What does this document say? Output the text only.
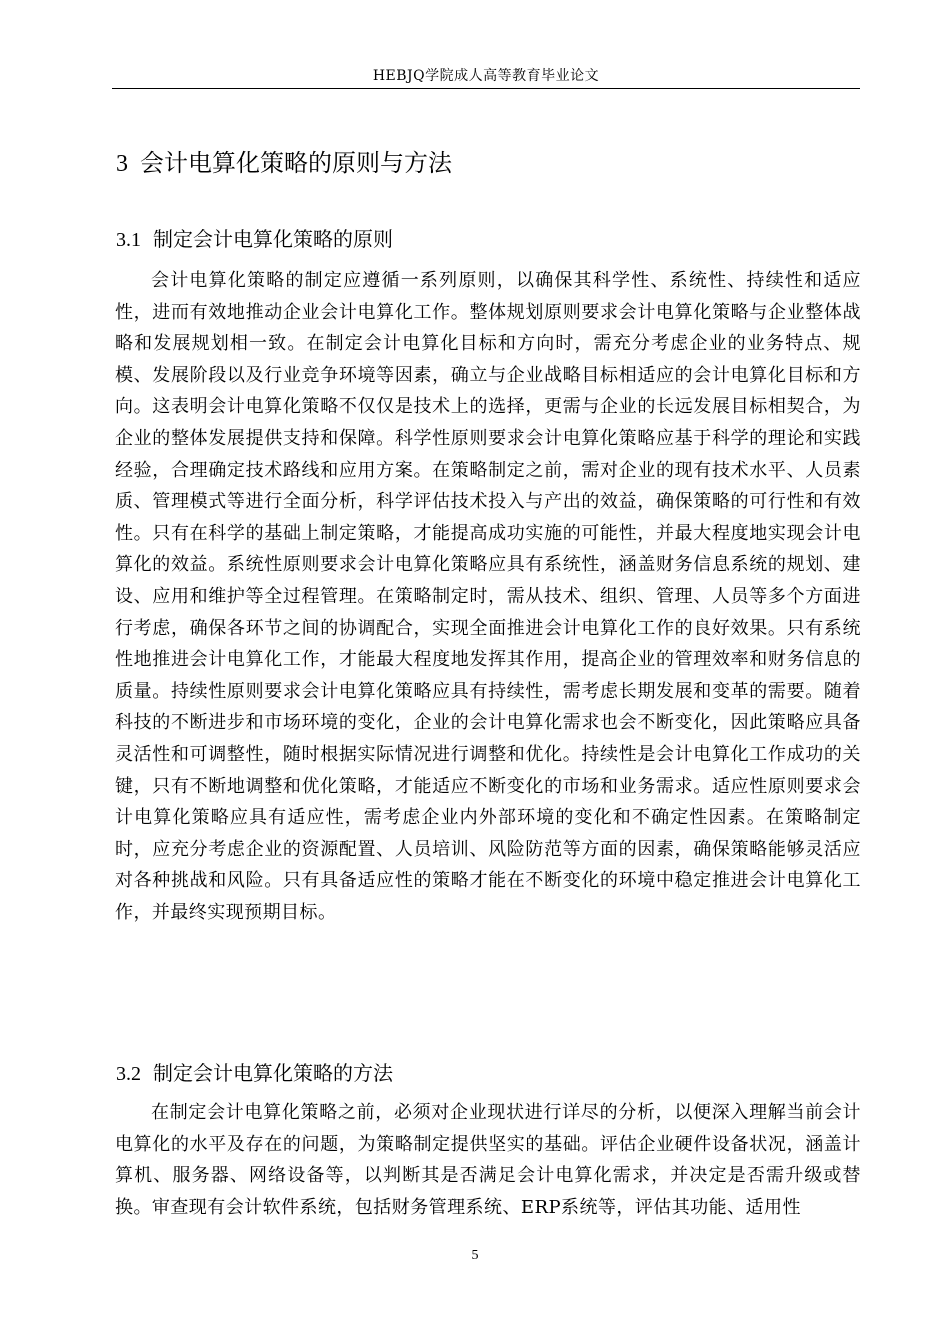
HEBJQ学院成人高等教育毕业论文
3 会计电算化策略的原则与方法
3.1 制定会计电算化策略的原则

会计电算化策略的制定应遵循一系列原则，以确保其科学性、系统性、持续性和适应性，进而有效地推动企业会计电算化工作。整体规划原则要求会计电算化策略与企业整体战略和发展规划相一致。在制定会计电算化目标和方向时，需充分考虑企业的业务特点、规模、发展阶段以及行业竞争环境等因素，确立与企业战略目标相适应的会计电算化目标和方向。这表明会计电算化策略不仅仅是技术上的选择，更需与企业的长远发展目标相契合，为企业的整体发展提供支持和保障。科学性原则要求会计电算化策略应基于科学的理论和实践经验，合理确定技术路线和应用方案。在策略制定之前，需对企业的现有技术水平、人员素质、管理模式等进行全面分析，科学评估技术投入与产出的效益，确保策略的可行性和有效性。只有在科学的基础上制定策略，才能提高成功实施的可能性，并最大程度地实现会计电算化的效益。系统性原则要求会计电算化策略应具有系统性，涵盖财务信息系统的规划、建设、应用和维护等全过程管理。在策略制定时，需从技术、组织、管理、人员等多个方面进行考虑，确保各环节之间的协调配合，实现全面推进会计电算化工作的良好效果。只有系统性地推进会计电算化工作，才能最大程度地发挥其作用，提高企业的管理效率和财务信息的质量。持续性原则要求会计电算化策略应具有持续性，需考虑长期发展和变革的需要。随着科技的不断进步和市场环境的变化，企业的会计电算化需求也会不断变化，因此策略应具备灵活性和可调整性，随时根据实际情况进行调整和优化。持续性是会计电算化工作成功的关键，只有不断地调整和优化策略，才能适应不断变化的市场和业务需求。适应性原则要求会计电算化策略应具有适应性，需考虑企业内外部环境的变化和不确定性因素。在策略制定时，应充分考虑企业的资源配置、人员培训、风险防范等方面的因素，确保策略能够灵活应对各种挑战和风险。只有具备适应性的策略才能在不断变化的环境中稳定推进会计电算化工作，并最终实现预期目标。

3.2 制定会计电算化策略的方法

在制定会计电算化策略之前，必须对企业现状进行详尽的分析，以便深入理解当前会计电算化的水平及存在的问题，为策略制定提供坚实的基础。评估企业硬件设备状况，涵盖计算机、服务器、网络设备等，以判断其是否满足会计电算化需求，并决定是否需升级或替换。审查现有会计软件系统，包括财务管理系统、ERP系统等，评估其功能、适用性

5
